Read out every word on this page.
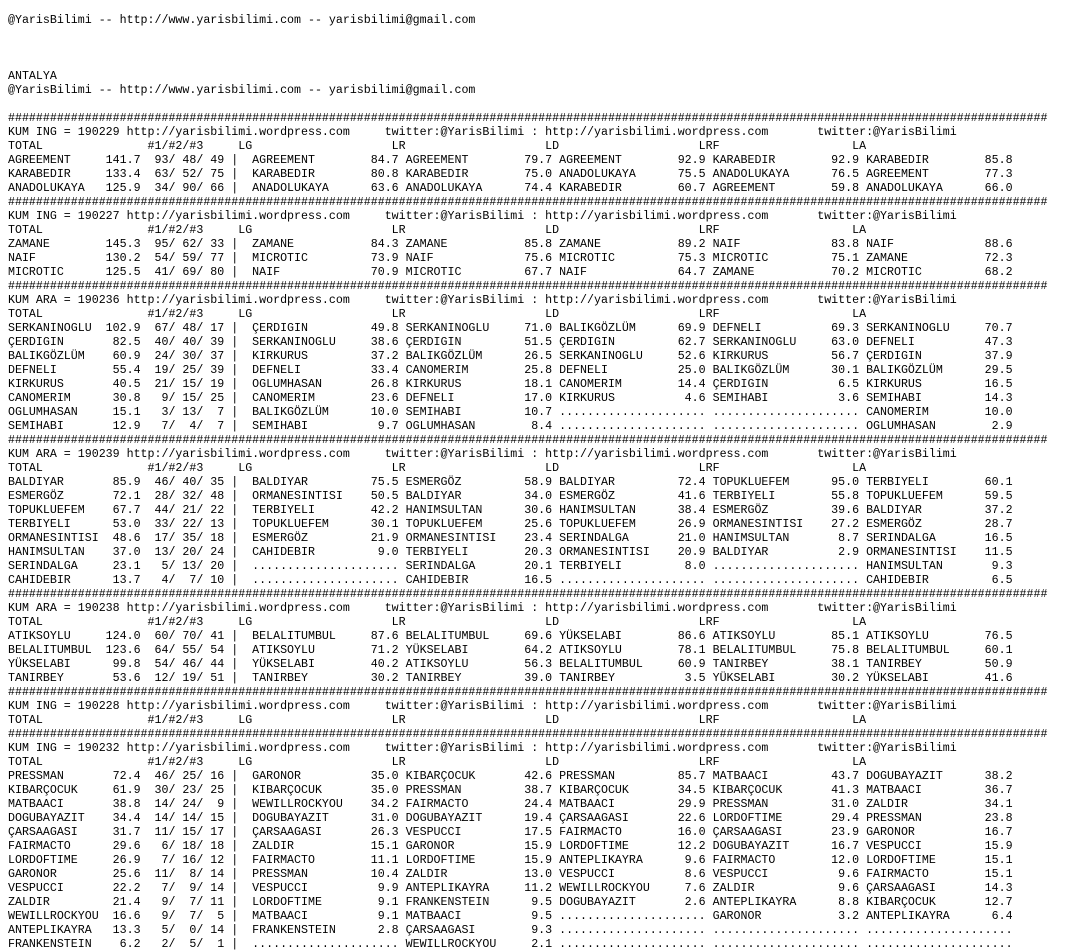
@YarisBilimi -- http://www.yarisbilimi.com -- yarisbilimi@gmail.com
ANTALYA
@YarisBilimi -- http://www.yarisbilimi.com -- yarisbilimi@gmail.com
#####################################################################################################################################################
KUM ING = 190229 http://yarisbilimi.wordpress.com     twitter:@YarisBilimi : http://yarisbilimi.wordpress.com       twitter:@YarisBilimi
TOTAL               #1/#2/#3     LG                    LR                    LD                    LRF                   LA
AGREEMENT     141.7  93/ 48/ 49 |  AGREEMENT        84.7 AGREEMENT        79.7 AGREEMENT        92.9 KARABEDIR        92.9 KARABEDIR        85.8
KARABEDIR     133.4  63/ 52/ 75 |  KARABEDIR        80.8 KARABEDIR        75.0 ANADOLUKAYA      75.5 ANADOLUKAYA      76.5 AGREEMENT        77.3
ANADOLUKAYA   125.9  34/ 90/ 66 |  ANADOLUKAYA      63.6 ANADOLUKAYA      74.4 KARABEDIR        60.7 AGREEMENT        59.8 ANADOLUKAYA      66.0
#####################################################################################################################################################
KUM ING = 190227 http://yarisbilimi.wordpress.com     twitter:@YarisBilimi : http://yarisbilimi.wordpress.com       twitter:@YarisBilimi
TOTAL               #1/#2/#3     LG                    LR                    LD                    LRF                   LA
ZAMANE        145.3  95/ 62/ 33 |  ZAMANE           84.3 ZAMANE           85.8 ZAMANE           89.2 NAIF             83.8 NAIF             88.6
NAIF          130.2  54/ 59/ 77 |  MICROTIC         73.9 NAIF             75.6 MICROTIC         75.3 MICROTIC         75.1 ZAMANE           72.3
MICROTIC      125.5  41/ 69/ 80 |  NAIF             70.9 MICROTIC         67.7 NAIF             64.7 ZAMANE           70.2 MICROTIC         68.2
#####################################################################################################################################################
KUM ARA = 190236 http://yarisbilimi.wordpress.com     twitter:@YarisBilimi : http://yarisbilimi.wordpress.com       twitter:@YarisBilimi
TOTAL               #1/#2/#3     LG                    LR                    LD                    LRF                   LA
SERKANINOGLU  102.9  67/ 48/ 17 |  ÇERDIGIN         49.8 SERKANINOGLU     71.0 BALIKGÖZLÜM      69.9 DEFNELI          69.3 SERKANINOGLU     70.7
ÇERDIGIN       82.5  40/ 40/ 39 |  SERKANINOGLU     38.6 ÇERDIGIN         51.5 ÇERDIGIN         62.7 SERKANINOGLU     63.0 DEFNELI          47.3
BALIKGÖZLÜM    60.9  24/ 30/ 37 |  KIRKURUS         37.2 BALIKGÖZLÜM      26.5 SERKANINOGLU     52.6 KIRKURUS         56.7 ÇERDIGIN         37.9
DEFNELI        55.4  19/ 25/ 39 |  DEFNELI          33.4 CANOMERIM        25.8 DEFNELI          25.0 BALIKGÖZLÜM      30.1 BALIKGÖZLÜM      29.5
KIRKURUS       40.5  21/ 15/ 19 |  OGLUMHASAN       26.8 KIRKURUS         18.1 CANOMERIM        14.4 ÇERDIGIN          6.5 KIRKURUS         16.5
CANOMERIM      30.8   9/ 15/ 25 |  CANOMERIM        23.6 DEFNELI          17.0 KIRKURUS          4.6 SEMIHABI          3.6 SEMIHABI         14.3
OGLUMHASAN     15.1   3/ 13/  7 |  BALIKGÖZLÜM      10.0 SEMIHABI         10.7 ..................... ..................... CANOMERIM        10.0
SEMIHABI       12.9   7/  4/  7 |  SEMIHABI          9.7 OGLUMHASAN        8.4 ..................... ..................... OGLUMHASAN        2.9
#####################################################################################################################################################
KUM ARA = 190239 http://yarisbilimi.wordpress.com     twitter:@YarisBilimi : http://yarisbilimi.wordpress.com       twitter:@YarisBilimi
TOTAL               #1/#2/#3     LG                    LR                    LD                    LRF                   LA
BALDIYAR       85.9  46/ 40/ 35 |  BALDIYAR         75.5 ESMERGÖZ         58.9 BALDIYAR         72.4 TOPUKLUEFEM      95.0 TERBIYELI        60.1
ESMERGÖZ       72.1  28/ 32/ 48 |  ORMANESINTISI    50.5 BALDIYAR         34.0 ESMERGÖZ         41.6 TERBIYELI        55.8 TOPUKLUEFEM      59.5
TOPUKLUEFEM    67.7  44/ 21/ 22 |  TERBIYELI        42.2 HANIMSULTAN      30.6 HANIMSULTAN      38.4 ESMERGÖZ         39.6 BALDIYAR         37.2
TERBIYELI      53.0  33/ 22/ 13 |  TOPUKLUEFEM      30.1 TOPUKLUEFEM      25.6 TOPUKLUEFEM      26.9 ORMANESINTISI    27.2 ESMERGÖZ         28.7
ORMANESINTISI  48.6  17/ 35/ 18 |  ESMERGÖZ         21.9 ORMANESINTISI    23.4 SERINDALGA       21.0 HANIMSULTAN       8.7 SERINDALGA       16.5
HANIMSULTAN    37.0  13/ 20/ 24 |  CAHIDEBIR         9.0 TERBIYELI        20.3 ORMANESINTISI    20.9 BALDIYAR          2.9 ORMANESINTISI    11.5
SERINDALGA     23.1   5/ 13/ 20 |  ..................... SERINDALGA       20.1 TERBIYELI         8.0 ..................... HANIMSULTAN       9.3
CAHIDEBIR      13.7   4/  7/ 10 |  ..................... CAHIDEBIR        16.5 ..................... ..................... CAHIDEBIR         6.5
#####################################################################################################################################################
KUM ARA = 190238 http://yarisbilimi.wordpress.com     twitter:@YarisBilimi : http://yarisbilimi.wordpress.com       twitter:@YarisBilimi
TOTAL               #1/#2/#3     LG                    LR                    LD                    LRF                   LA
ATIKSOYLU     124.0  60/ 70/ 41 |  BELALITUMBUL     87.6 BELALITUMBUL     69.6 YÜKSELABI        86.6 ATIKSOYLU        85.1 ATIKSOYLU        76.5
BELALITUMBUL  123.6  64/ 55/ 54 |  ATIKSOYLU        71.2 YÜKSELABI        64.2 ATIKSOYLU        78.1 BELALITUMBUL     75.8 BELALITUMBUL     60.1
YÜKSELABI      99.8  54/ 46/ 44 |  YÜKSELABI        40.2 ATIKSOYLU        56.3 BELALITUMBUL     60.9 TANIRBEY         38.1 TANIRBEY         50.9
TANIRBEY       53.6  12/ 19/ 51 |  TANIRBEY         30.2 TANIRBEY         39.0 TANIRBEY          3.5 YÜKSELABI        30.2 YÜKSELABI        41.6
#####################################################################################################################################################
KUM ING = 190228 http://yarisbilimi.wordpress.com     twitter:@YarisBilimi : http://yarisbilimi.wordpress.com       twitter:@YarisBilimi
TOTAL               #1/#2/#3     LG                    LR                    LD                    LRF                   LA
#####################################################################################################################################################
KUM ING = 190232 http://yarisbilimi.wordpress.com     twitter:@YarisBilimi : http://yarisbilimi.wordpress.com       twitter:@YarisBilimi
TOTAL               #1/#2/#3     LG                    LR                    LD                    LRF                   LA
PRESSMAN       72.4  46/ 25/ 16 |  GARONOR          35.0 KIBARÇOCUK       42.6 PRESSMAN         85.7 MATBAACI         43.7 DOGUBAYAZIT      38.2
KIBARÇOCUK     61.9  30/ 23/ 25 |  KIBARÇOCUK       35.0 PRESSMAN         38.7 KIBARÇOCUK       34.5 KIBARÇOCUK       41.3 MATBAACI         36.7
MATBAACI       38.8  14/ 24/  9 |  WEWILLROCKYOU    34.2 FAIRMACTO        24.4 MATBAACI         29.9 PRESSMAN         31.0 ZALDIR           34.1
DOGUBAYAZIT    34.4  14/ 14/ 15 |  DOGUBAYAZIT      31.0 DOGUBAYAZIT      19.4 ÇARSAAGASI       22.6 LORDOFTIME       29.4 PRESSMAN         23.8
ÇARSAAGASI     31.7  11/ 15/ 17 |  ÇARSAAGASI       26.3 VESPUCCI         17.5 FAIRMACTO        16.0 ÇARSAAGASI       23.9 GARONOR          16.7
FAIRMACTO      29.6   6/ 18/ 18 |  ZALDIR           15.1 GARONOR          15.9 LORDOFTIME       12.2 DOGUBAYAZIT      16.7 VESPUCCI         15.9
LORDOFTIME     26.9   7/ 16/ 12 |  FAIRMACTO        11.1 LORDOFTIME       15.9 ANTEPLIKAYRA      9.6 FAIRMACTO        12.0 LORDOFTIME       15.1
GARONOR        25.6  11/  8/ 14 |  PRESSMAN         10.4 ZALDIR           13.0 VESPUCCI          8.6 VESPUCCI          9.6 FAIRMACTO        15.1
VESPUCCI       22.2   7/  9/ 14 |  VESPUCCI          9.9 ANTEPLIKAYRA     11.2 WEWILLROCKYOU     7.6 ZALDIR            9.6 ÇARSAAGASI       14.3
ZALDIR         21.4   9/  7/ 11 |  LORDOFTIME        9.1 FRANKENSTEIN      9.5 DOGUBAYAZIT       2.6 ANTEPLIKAYRA      8.8 KIBARÇOCUK       12.7
WEWILLROCKYOU  16.6   9/  7/  5 |  MATBAACI          9.1 MATBAACI          9.5 ..................... GARONOR           3.2 ANTEPLIKAYRA      6.4
ANTEPLIKAYRA   13.3   5/  0/ 14 |  FRANKENSTEIN      2.8 ÇARSAAGASI        9.3 ..................... ..................... .....................
FRANKENSTEIN    6.2   2/  5/  1 |  ..................... WEWILLROCKYOU     2.1 ..................... ..................... .....................
